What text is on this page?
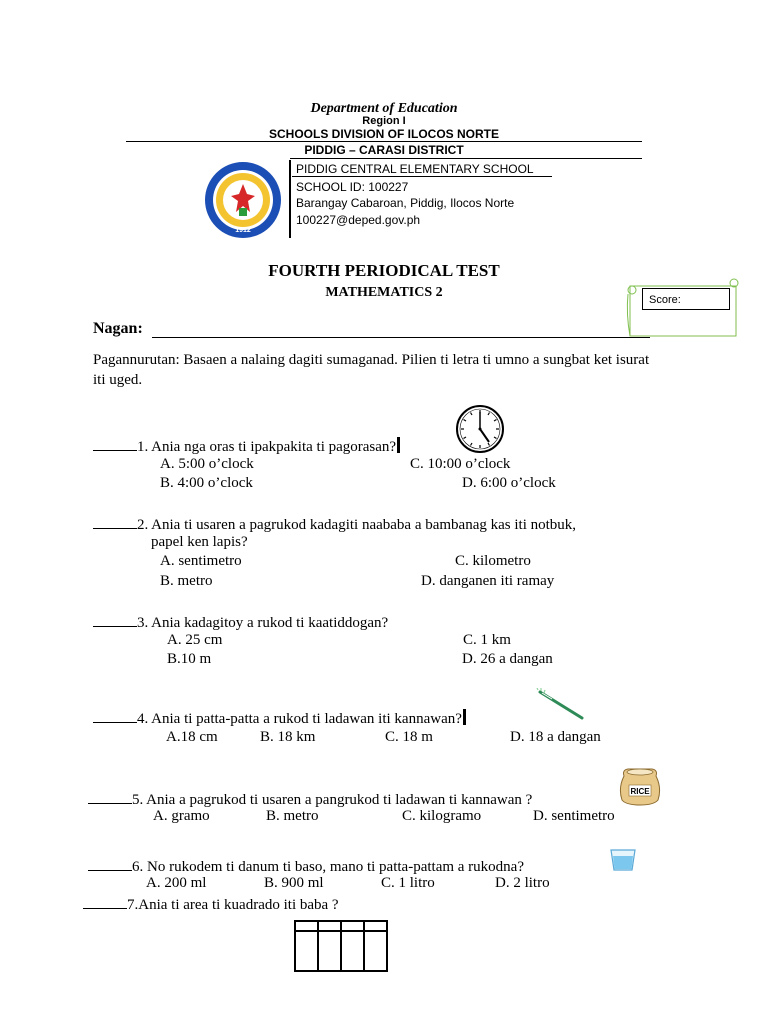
Department of Education
Region I
SCHOOLS DIVISION OF ILOCOS NORTE
PIDDIG – CARASI DISTRICT
1912
PIDDIG CENTRAL ELEMENTARY SCHOOL
SCHOOL ID: 100227
Barangay Cabaroan, Piddig, Ilocos Norte
100227@deped.gov.ph
FOURTH PERIODICAL TEST
MATHEMATICS 2	Score:
Nagan:
Pagannurutan: Basaen a nalaing dagiti sumaganad. Pilien ti letra ti umno a sungbat ket isurat iti uged.
1. Ania nga oras ti ipakpakita ti pagorasan?
A. 5:00 o’clock	C. 10:00 o’clock
B. 4:00 o’clock	D. 6:00 o’clock
2. Ania ti usaren a pagrukod kadagiti naababa a bambanag kas iti notbuk,
papel ken lapis?
A. sentimetro	C. kilometro
B. metro	D. danganen iti ramay
3. Ania kadagitoy a rukod ti kaatiddogan?
A. 25 cm	C. 1 km
B.10 m	D. 26 a dangan
4. Ania ti patta-patta a rukod ti ladawan iti kannawan?
A.18 cm	B. 18 km	C. 18 m	D. 18 a dangan
5. Ania a pagrukod ti usaren a pangrukod ti ladawan ti kannawan ?
RICE
A. gramo	B. metro	C. kilogramo	D. sentimetro
6. No rukodem ti danum ti baso, mano ti patta-pattam a rukodna?
A. 200 ml	B. 900 ml	C. 1 litro	D. 2 litro
7.Ania ti area ti kuadrado iti baba ?
